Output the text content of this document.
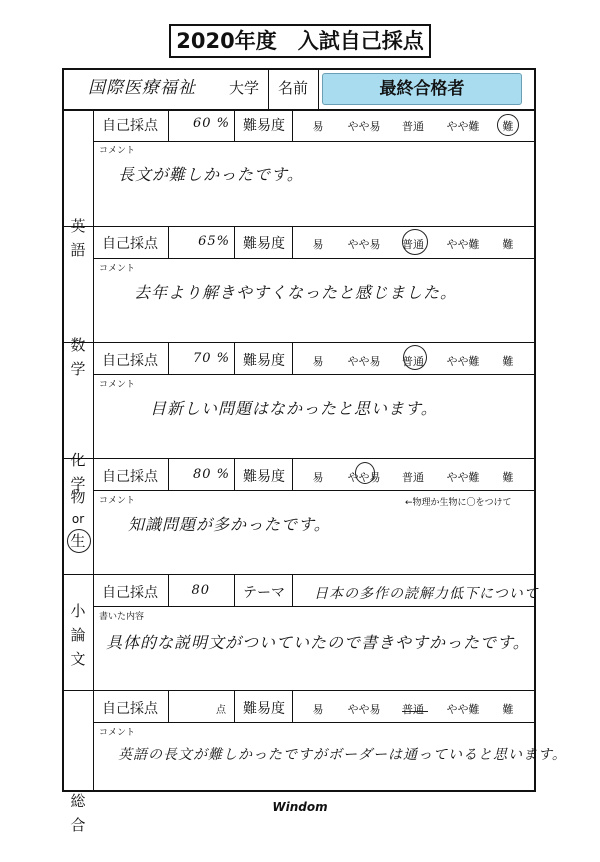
2020年度　入試自己採点
国際医療福祉 大学 名前	最終合格者
英
語
自己採点	60 % 難易度	易	やや易	普通	やや難	難
コメント
長文が難しかったです。
数
学
自己採点	65% 難易度	易	やや易	普通	やや難	難
コメント
去年より解きやすくなったと感じました。
化
学
自己採点	70 % 難易度	易	やや易	普通	やや難	難
コメント
目新しい問題はなかったと思います。
物
or
生
自己採点	80 % 難易度	易	やや易	普通	やや難	難
コメント	←物理か生物に〇をつけて
知識問題が多かったです。
小
論
文
自己採点	80	テーマ	日本の多作の読解力低下について
書いた内容
具体的な説明文がついていたので書きやすかったです。
総
合
自己採点	点	難易度	易	やや易	普通	やや難	難
コメント
英語の長文が難しかったですがボーダーは通っていると思います。
Windom
